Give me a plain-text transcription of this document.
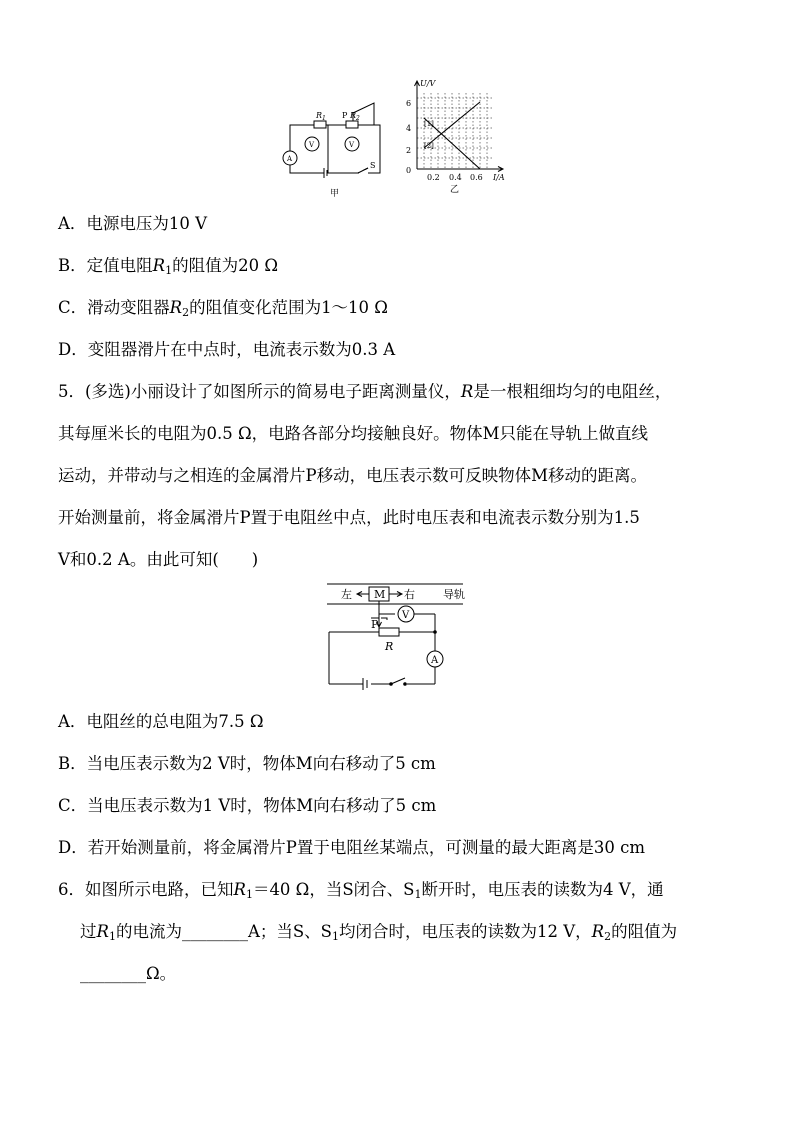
$R_1$ P $R_2$
V	V
A
S
甲
U/V
6
4
2
0
0.2 0.4 0.6 I/A
乙
[1]
[2]
A．电源电压为10 V
B．定值电阻$R_1$的阻值为20 Ω
C．滑动变阻器$R_2$的阻值变化范围为1～10 Ω
D．变阻器滑片在中点时，电流表示数为0.3 A
5．(多选)小丽设计了如图所示的简易电子距离测量仪，R是一根粗细均匀的电阻丝，
其每厘米长的电阻为0.5 Ω，电路各部分均接触良好。物体M只能在导轨上做直线
运动，并带动与之相连的金属滑片P移动，电压表示数可反映物体M移动的距离。
开始测量前，将金属滑片P置于电阻丝中点，此时电压表和电流表示数分别为1.5
V和0.2 A。由此可知(　　)
左 M 右	导轨
V
P
R
A
A．电阻丝的总电阻为7.5 Ω
B．当电压表示数为2 V时，物体M向右移动了5 cm
C．当电压表示数为1 V时，物体M向右移动了5 cm
D．若开始测量前，将金属滑片P置于电阻丝某端点，可测量的最大距离是30 cm
6．如图所示电路，已知$R_1=40$ Ω，当S闭合、$S_1$断开时，电压表的读数为4 V，通
过$R_1$的电流为________A；当S、$S_1$均闭合时，电压表的读数为12 V，$R_2$的阻值为
________Ω。
